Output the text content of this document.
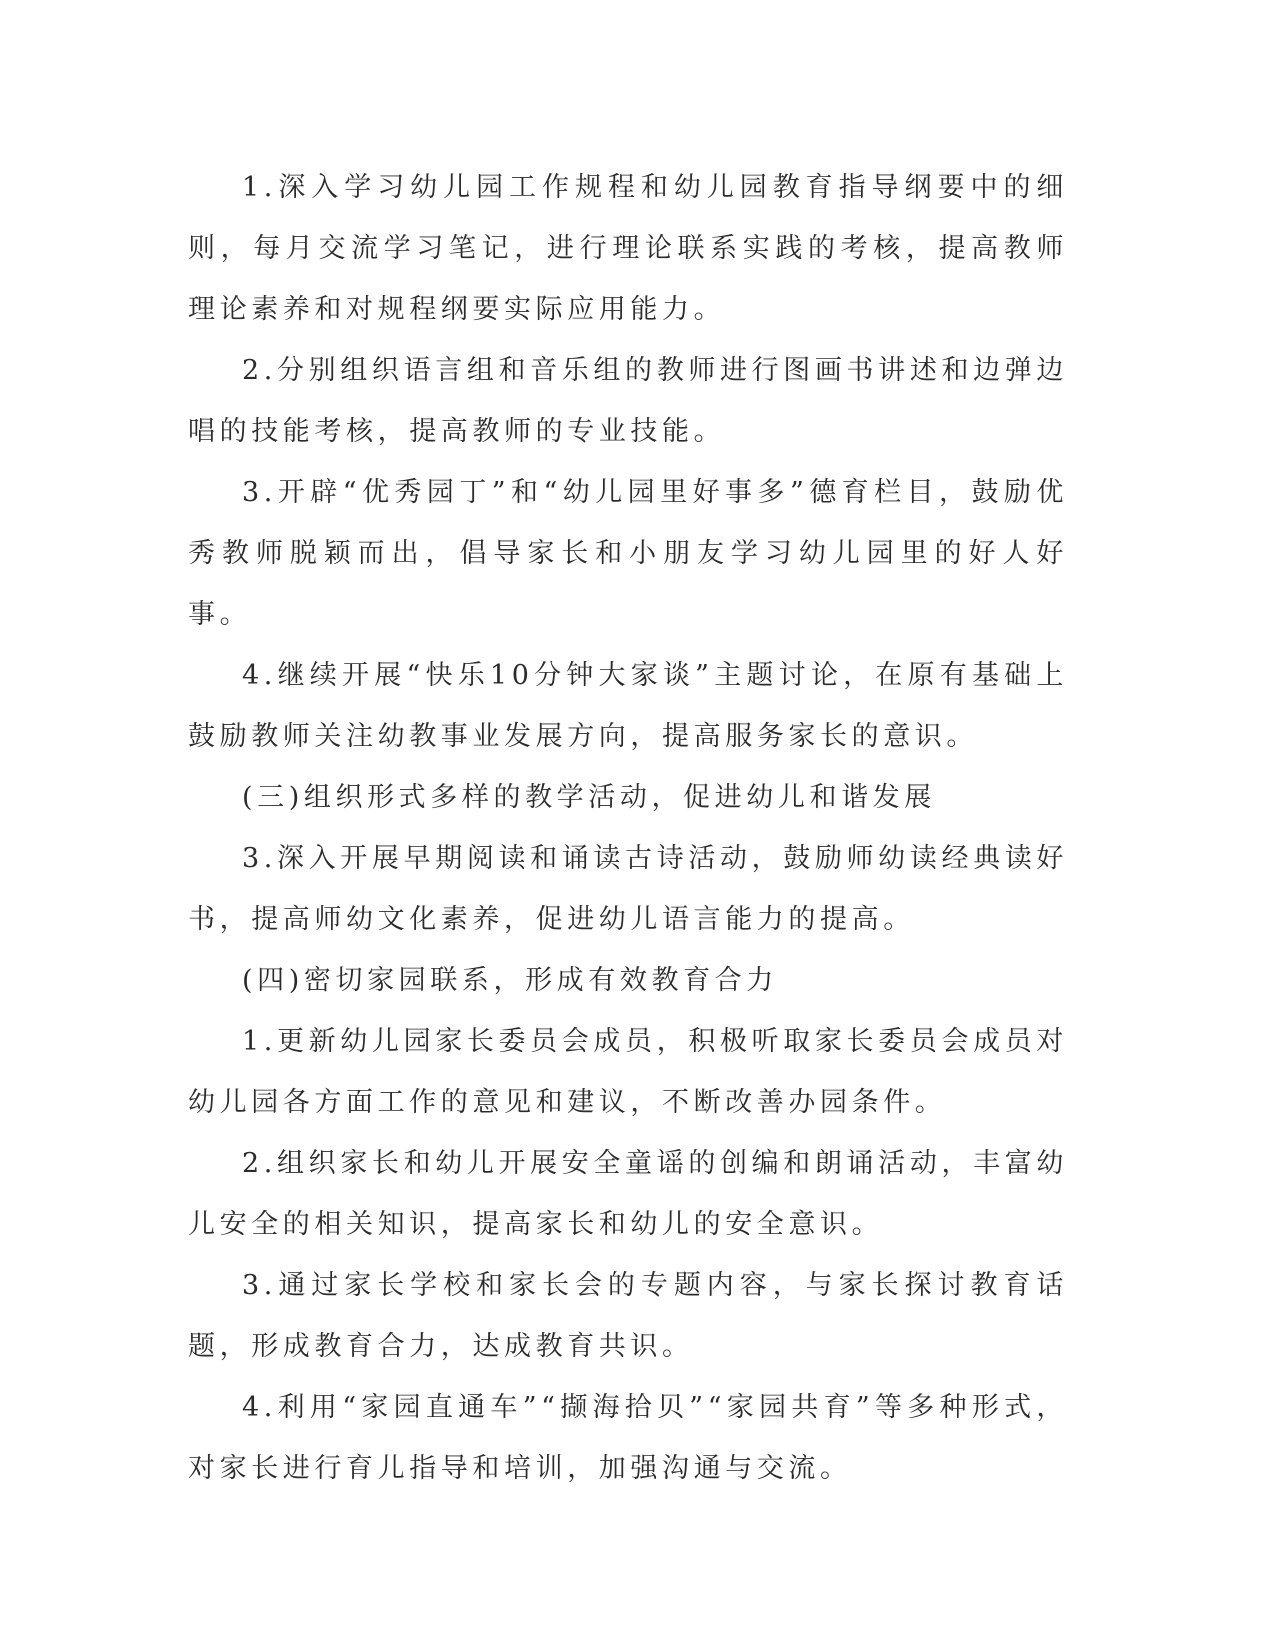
1.深入学习幼儿园工作规程和幼儿园教育指导纲要中的细则，每月交流学习笔记，进行理论联系实践的考核，提高教师理论素养和对规程纲要实际应用能力。

2.分别组织语言组和音乐组的教师进行图画书讲述和边弹边唱的技能考核，提高教师的专业技能。

3.开辟“优秀园丁”和“幼儿园里好事多”德育栏目，鼓励优秀教师脱颖而出，倡导家长和小朋友学习幼儿园里的好人好事。

4.继续开展“快乐10分钟大家谈”主题讨论，在原有基础上鼓励教师关注幼教事业发展方向，提高服务家长的意识。

(三)组织形式多样的教学活动，促进幼儿和谐发展

3.深入开展早期阅读和诵读古诗活动，鼓励师幼读经典读好书，提高师幼文化素养，促进幼儿语言能力的提高。

(四)密切家园联系，形成有效教育合力

1.更新幼儿园家长委员会成员，积极听取家长委员会成员对幼儿园各方面工作的意见和建议，不断改善办园条件。

2.组织家长和幼儿开展安全童谣的创编和朗诵活动，丰富幼儿安全的相关知识，提高家长和幼儿的安全意识。

3.通过家长学校和家长会的专题内容，与家长探讨教育话题，形成教育合力，达成教育共识。

4.利用“家园直通车”“撷海拾贝”“家园共育”等多种形式，对家长进行育儿指导和培训，加强沟通与交流。
